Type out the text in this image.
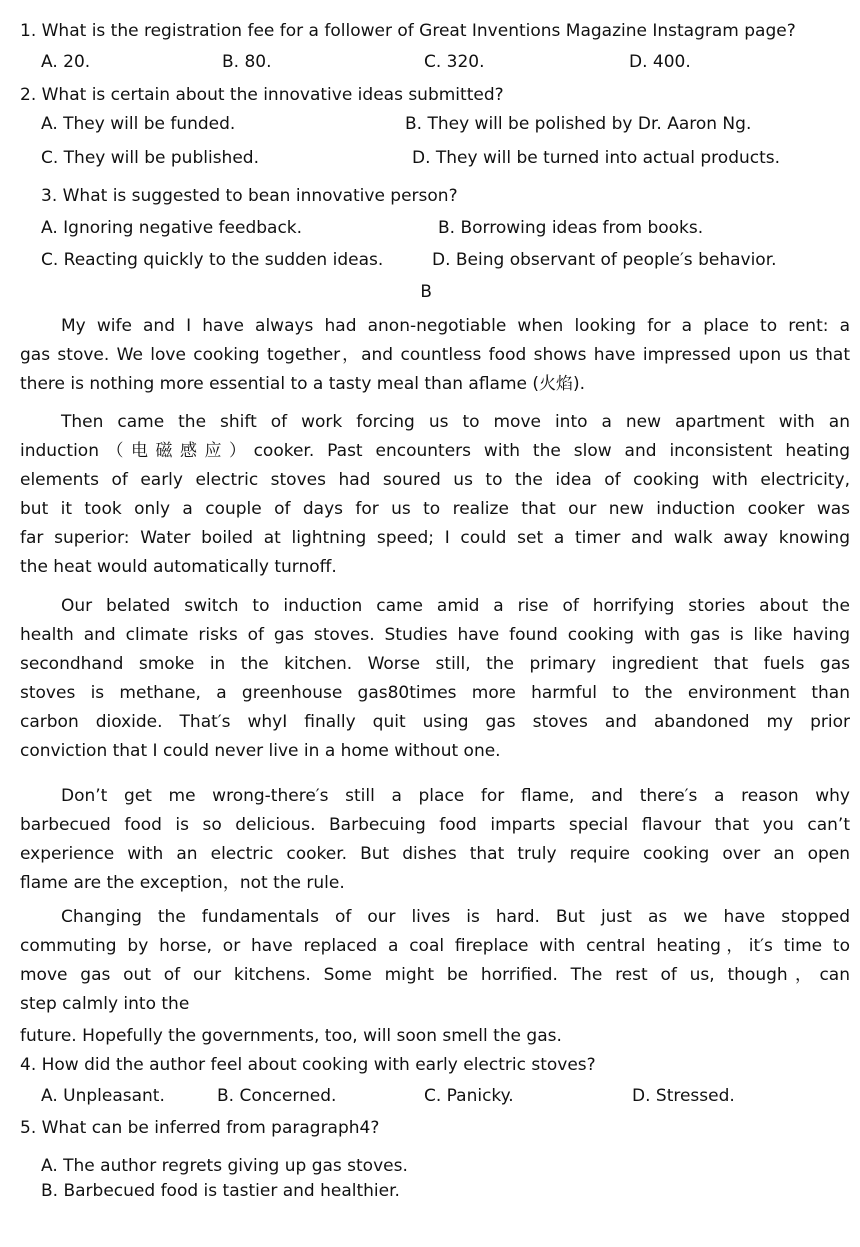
1. What is the registration fee for a follower of Great Inventions Magazine Instagram page?
A. 20.	B. 80.	C. 320.	D. 400.
2. What is certain about the innovative ideas submitted?
A. They will be funded.	B. They will be polished by Dr. Aaron Ng.
C. They will be published.	D. They will be turned into actual products.
3. What is suggested to bean innovative person?
A. Ignoring negative feedback.	B. Borrowing ideas from books.
C. Reacting quickly to the sudden ideas.	D. Being observant of people′s behavior.
B
My wife and I have always had anon-negotiable when looking for a place to rent: a
gas stove. We love cooking together，and countless food shows have impressed upon us that
there is nothing more essential to a tasty meal than aflame (火焰).
Then came the shift of work forcing us to move into a new apartment with an
induction（电磁感应）cooker. Past encounters with the slow and inconsistent heating
elements of early electric stoves had soured us to the idea of cooking with electricity,
but it took only a couple of days for us to realize that our new induction cooker was
far superior: Water boiled at lightning speed; I could set a timer and walk away knowing
the heat would automatically turnoff.
Our belated switch to induction came amid a rise of horrifying stories about the
health and climate risks of gas stoves. Studies have found cooking with gas is like having
secondhand smoke in the kitchen. Worse still, the primary ingredient that fuels gas
stoves is methane, a greenhouse gas80times more harmful to the environment than
carbon dioxide. That′s whyI finally quit using gas stoves and abandoned my prior
conviction that I could never live in a home without one.
Don’t get me wrong-there′s still a place for flame, and there′s a reason why
barbecued food is so delicious. Barbecuing food imparts special flavour that you can’t
experience with an electric cooker. But dishes that truly require cooking over an open
flame are the exception，not the rule.
Changing the fundamentals of our lives is hard. But just as we have stopped
commuting by horse, or have replaced a coal fireplace with central heating，it′s time to
move gas out of our kitchens. Some might be horrified. The rest of us, though，can
step calmly into the
future. Hopefully the governments, too, will soon smell the gas.
4. How did the author feel about cooking with early electric stoves?
A. Unpleasant.	B. Concerned.	C. Panicky.	D. Stressed.
5. What can be inferred from paragraph4?
A. The author regrets giving up gas stoves.
B. Barbecued food is tastier and healthier.
